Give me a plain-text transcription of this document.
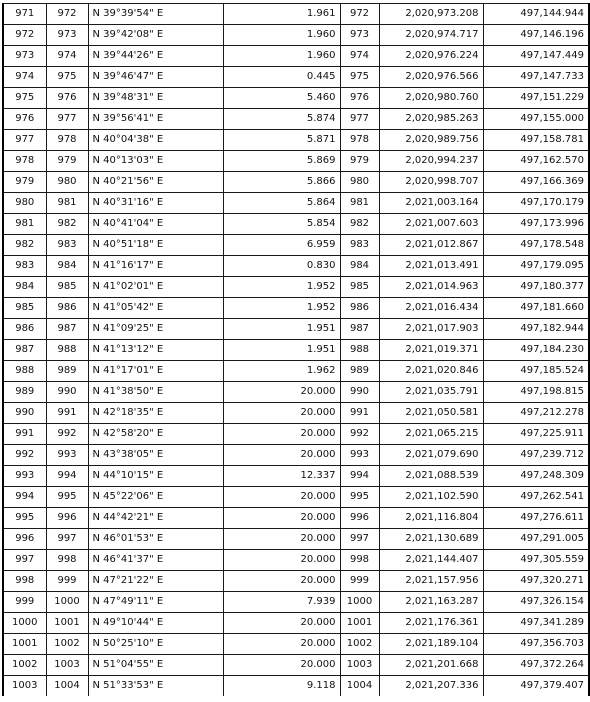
971	972	N 39°39'54" E	1.961	972	2,020,973.208	497,144.944
972	973	N 39°42'08" E	1.960	973	2,020,974.717	497,146.196
973	974	N 39°44'26" E	1.960	974	2,020,976.224	497,147.449
974	975	N 39°46'47" E	0.445	975	2,020,976.566	497,147.733
975	976	N 39°48'31" E	5.460	976	2,020,980.760	497,151.229
976	977	N 39°56'41" E	5.874	977	2,020,985.263	497,155.000
977	978	N 40°04'38" E	5.871	978	2,020,989.756	497,158.781
978	979	N 40°13'03" E	5.869	979	2,020,994.237	497,162.570
979	980	N 40°21'56" E	5.866	980	2,020,998.707	497,166.369
980	981	N 40°31'16" E	5.864	981	2,021,003.164	497,170.179
981	982	N 40°41'04" E	5.854	982	2,021,007.603	497,173.996
982	983	N 40°51'18" E	6.959	983	2,021,012.867	497,178.548
983	984	N 41°16'17" E	0.830	984	2,021,013.491	497,179.095
984	985	N 41°02'01" E	1.952	985	2,021,014.963	497,180.377
985	986	N 41°05'42" E	1.952	986	2,021,016.434	497,181.660
986	987	N 41°09'25" E	1.951	987	2,021,017.903	497,182.944
987	988	N 41°13'12" E	1.951	988	2,021,019.371	497,184.230
988	989	N 41°17'01" E	1.962	989	2,021,020.846	497,185.524
989	990	N 41°38'50" E	20.000	990	2,021,035.791	497,198.815
990	991	N 42°18'35" E	20.000	991	2,021,050.581	497,212.278
991	992	N 42°58'20" E	20.000	992	2,021,065.215	497,225.911
992	993	N 43°38'05" E	20.000	993	2,021,079.690	497,239.712
993	994	N 44°10'15" E	12.337	994	2,021,088.539	497,248.309
994	995	N 45°22'06" E	20.000	995	2,021,102.590	497,262.541
995	996	N 44°42'21" E	20.000	996	2,021,116.804	497,276.611
996	997	N 46°01'53" E	20.000	997	2,021,130.689	497,291.005
997	998	N 46°41'37" E	20.000	998	2,021,144.407	497,305.559
998	999	N 47°21'22" E	20.000	999	2,021,157.956	497,320.271
999	1000	N 47°49'11" E	7.939	1000	2,021,163.287	497,326.154
1000	1001	N 49°10'44" E	20.000	1001	2,021,176.361	497,341.289
1001	1002	N 50°25'10" E	20.000	1002	2,021,189.104	497,356.703
1002	1003	N 51°04'55" E	20.000	1003	2,021,201.668	497,372.264
1003	1004	N 51°33'53" E	9.118	1004	2,021,207.336	497,379.407
